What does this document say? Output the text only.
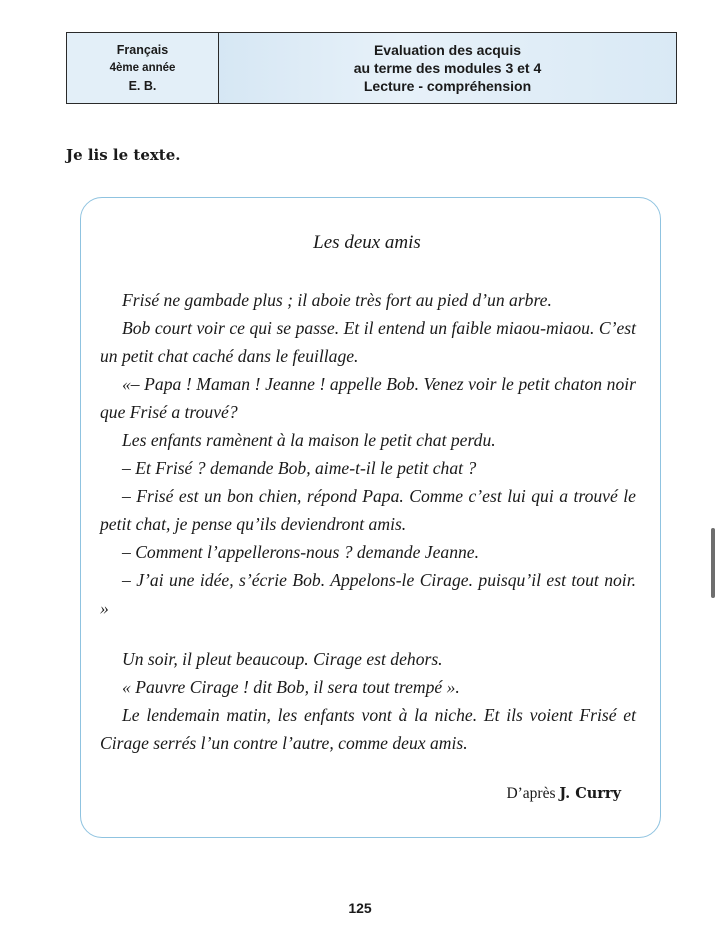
Français
4ème année
E. B.
Evaluation des acquis
au terme des modules 3 et 4
Lecture - compréhension
Je lis le texte.
Les deux amis

Frisé ne gambade plus ; il aboie très fort au pied d’un arbre.

Bob court voir ce qui se passe. Et il entend un faible miaou-miaou. C’est un petit chat caché dans le feuillage.

«– Papa ! Maman ! Jeanne ! appelle Bob. Venez voir le petit chaton noir que Frisé a trouvé?

Les enfants ramènent à la maison le petit chat perdu.

– Et Frisé ? demande Bob, aime-t-il le petit chat ?

– Frisé est un bon chien, répond Papa. Comme c’est lui qui a trouvé le petit chat, je pense qu’ils deviendront amis.

– Comment l’appellerons-nous ? demande Jeanne.

– J’ai une idée, s’écrie Bob. Appelons-le Cirage. puisqu’il est tout noir. »

Un soir, il pleut beaucoup. Cirage est dehors.

« Pauvre Cirage ! dit Bob, il sera tout trempé ».

Le lendemain matin, les enfants vont à la niche. Et ils voient Frisé et Cirage serrés l’un contre l’autre, comme deux amis.

D’après J. Curry
125
